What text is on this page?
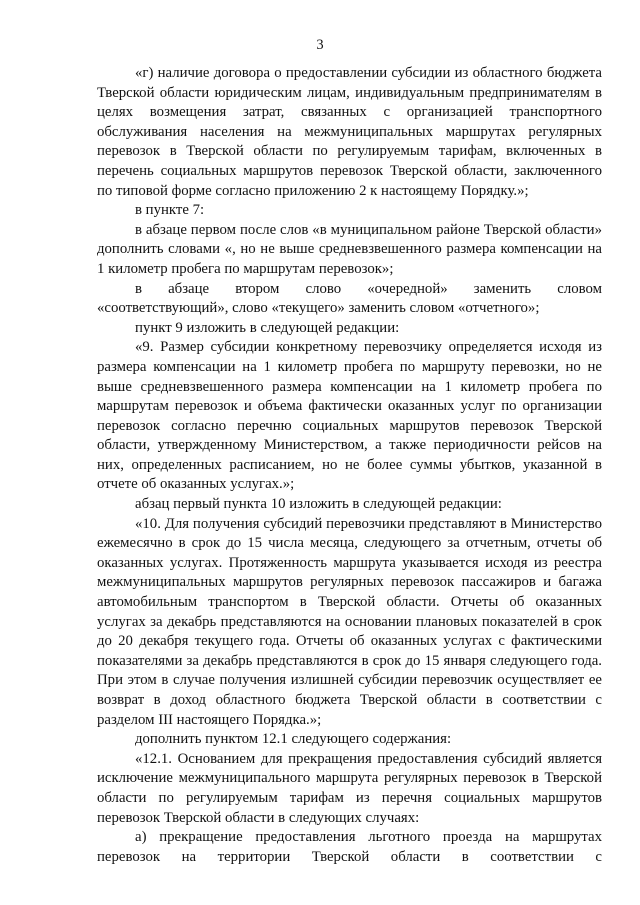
3

«г) наличие договора о предоставлении субсидии из областного бюджета Тверской области юридическим лицам, индивидуальным предпринимателям в целях возмещения затрат, связанных с организацией транспортного обслуживания населения на межмуниципальных маршрутах регулярных перевозок в Тверской области по регулируемым тарифам, включенных в перечень социальных маршрутов перевозок Тверской области, заключенного по типовой форме согласно приложению 2 к настоящему Порядку.»;

в пункте 7:

в абзаце первом после слов «в муниципальном районе Тверской области» дополнить словами «, но не выше средневзвешенного размера компенсации на 1 километр пробега по маршрутам перевозок»;

в абзаце втором слово «очередной» заменить словом «соответствующий», слово «текущего» заменить словом «отчетного»;

пункт 9 изложить в следующей редакции:

«9. Размер субсидии конкретному перевозчику определяется исходя из размера компенсации на 1 километр пробега по маршруту перевозки, но не выше средневзвешенного размера компенсации на 1 километр пробега по маршрутам перевозок и объема фактически оказанных услуг по организации перевозок согласно перечню социальных маршрутов перевозок Тверской области, утвержденному Министерством, а также периодичности рейсов на них, определенных расписанием, но не более суммы убытков, указанной в отчете об оказанных услугах.»;

абзац первый пункта 10 изложить в следующей редакции:

«10. Для получения субсидий перевозчики представляют в Министерство ежемесячно в срок до 15 числа месяца, следующего за отчетным, отчеты об оказанных услугах. Протяженность маршрута указывается исходя из реестра межмуниципальных маршрутов регулярных перевозок пассажиров и багажа автомобильным транспортом в Тверской области. Отчеты об оказанных услугах за декабрь представляются на основании плановых показателей в срок до 20 декабря текущего года. Отчеты об оказанных услугах с фактическими показателями за декабрь представляются в срок до 15 января следующего года. При этом в случае получения излишней субсидии перевозчик осуществляет ее возврат в доход областного бюджета Тверской области в соответствии с разделом III настоящего Порядка.»;

дополнить пунктом 12.1 следующего содержания:

«12.1. Основанием для прекращения предоставления субсидий является исключение межмуниципального маршрута регулярных перевозок в Тверской области по регулируемым тарифам из перечня социальных маршрутов перевозок Тверской области в следующих случаях:

а) прекращение предоставления льготного проезда на маршрутах перевозок на территории Тверской области в соответствии с
